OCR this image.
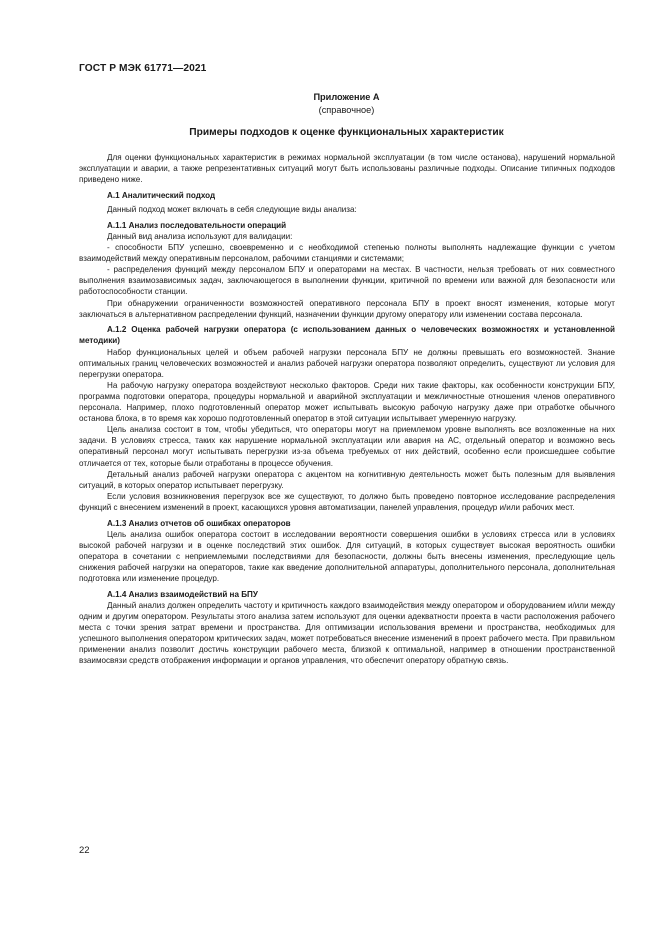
ГОСТ Р МЭК 61771—2021
Приложение А
(справочное)
Примеры подходов к оценке функциональных характеристик

Для оценки функциональных характеристик в режимах нормальной эксплуатации (в том числе останова), нарушений нормальной эксплуатации и аварии, а также репрезентативных ситуаций могут быть использованы различные подходы. Описание типичных подходов приведено ниже.

А.1 Аналитический подход

Данный подход может включать в себя следующие виды анализа:

А.1.1 Анализ последовательности операций

Данный вид анализа используют для валидации:

- способности БПУ успешно, своевременно и с необходимой степенью полноты выполнять надлежащие функции с учетом взаимодействий между оперативным персоналом, рабочими станциями и системами;

- распределения функций между персоналом БПУ и операторами на местах. В частности, нельзя требовать от них совместного выполнения взаимозависимых задач, заключающегося в выполнении функции, критичной по времени или важной для безопасности или работоспособности станции.

При обнаружении ограниченности возможностей оперативного персонала БПУ в проект вносят изменения, которые могут заключаться в альтернативном распределении функций, назначении функции другому оператору или изменении состава персонала.

А.1.2 Оценка рабочей нагрузки оператора (с использованием данных о человеческих возможностях и установленной методики)

Набор функциональных целей и объем рабочей нагрузки персонала БПУ не должны превышать его возможностей. Знание оптимальных границ человеческих возможностей и анализ рабочей нагрузки оператора позволяют определить, существуют ли условия для перегрузки оператора.

На рабочую нагрузку оператора воздействуют несколько факторов. Среди них такие факторы, как особенности конструкции БПУ, программа подготовки оператора, процедуры нормальной и аварийной эксплуатации и межличностные отношения членов оперативного персонала. Например, плохо подготовленный оператор может испытывать высокую рабочую нагрузку даже при отработке обычного останова блока, в то время как хорошо подготовленный оператор в этой ситуации испытывает умеренную нагрузку.

Цель анализа состоит в том, чтобы убедиться, что операторы могут на приемлемом уровне выполнять все возложенные на них задачи. В условиях стресса, таких как нарушение нормальной эксплуатации или авария на АС, отдельный оператор и возможно весь оперативный персонал могут испытывать перегрузки из-за объема требуемых от них действий, особенно если происшедшее событие отличается от тех, которые были отработаны в процессе обучения.

Детальный анализ рабочей нагрузки оператора с акцентом на когнитивную деятельность может быть полезным для выявления ситуаций, в которых оператор испытывает перегрузку.

Если условия возникновения перегрузок все же существуют, то должно быть проведено повторное исследование распределения функций с внесением изменений в проект, касающихся уровня автоматизации, панелей управления, процедур и/или рабочих мест.

А.1.3 Анализ отчетов об ошибках операторов

Цель анализа ошибок оператора состоит в исследовании вероятности совершения ошибки в условиях стресса или в условиях высокой рабочей нагрузки и в оценке последствий этих ошибок. Для ситуаций, в которых существует высокая вероятность ошибки оператора в сочетании с неприемлемыми последствиями для безопасности, должны быть внесены изменения, преследующие цель снижения рабочей нагрузки на операторов, такие как введение дополнительной аппаратуры, дополнительного персонала, дополнительная подготовка или изменение процедур.

А.1.4 Анализ взаимодействий на БПУ

Данный анализ должен определить частоту и критичность каждого взаимодействия между оператором и оборудованием и/или между одним и другим оператором. Результаты этого анализа затем используют для оценки адекватности проекта в части расположения рабочего места с точки зрения затрат времени и пространства. Для оптимизации использования времени и пространства, необходимых для успешного выполнения оператором критических задач, может потребоваться внесение изменений в проект рабочего места. При правильном применении анализ позволит достичь конструкции рабочего места, близкой к оптимальной, например в отношении пространственной взаимосвязи средств отображения информации и органов управления, что обеспечит оператору обратную связь.

22
